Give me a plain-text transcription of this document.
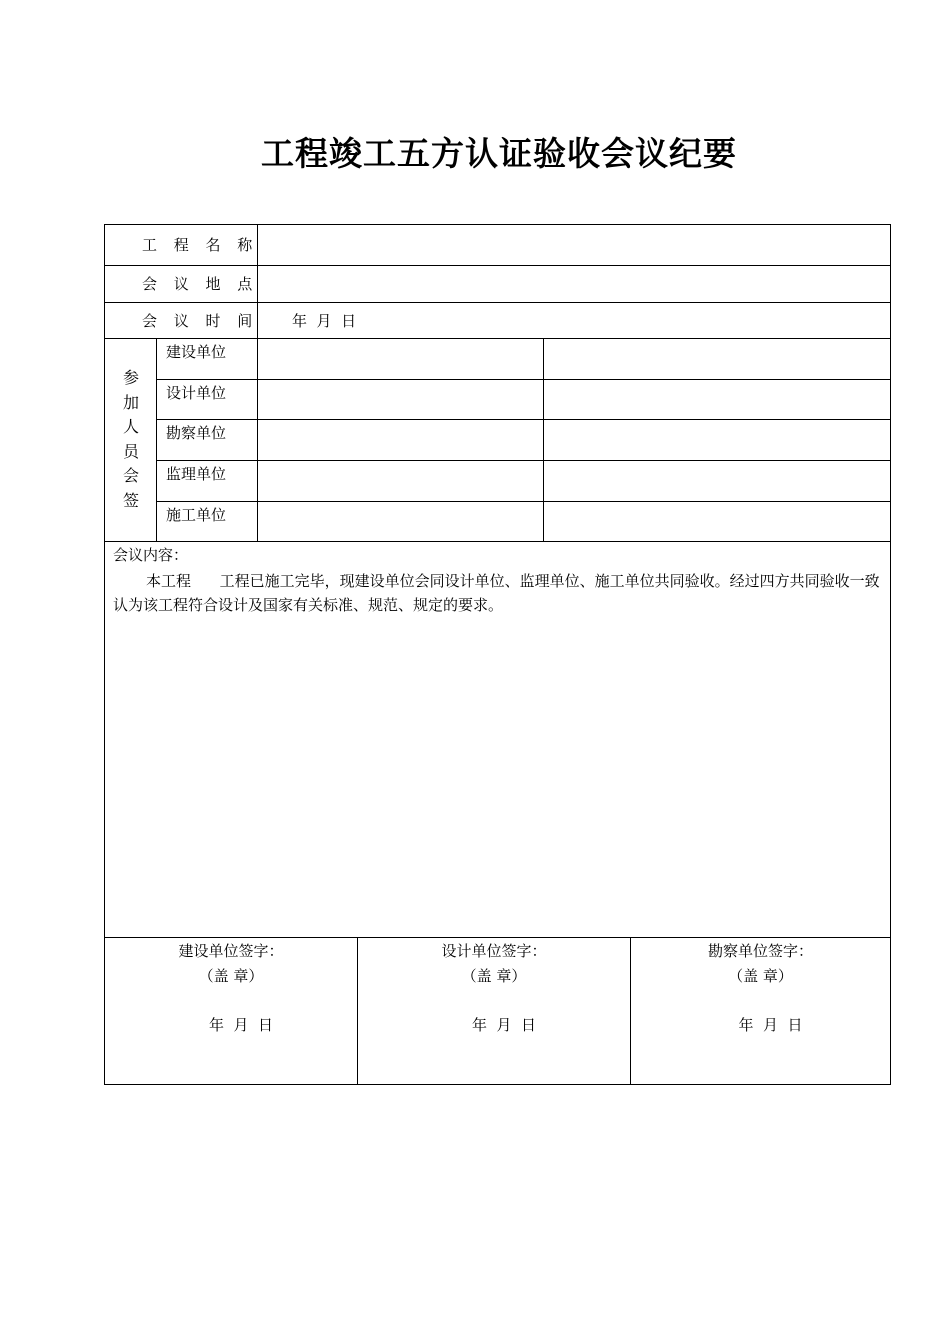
工程竣工五方认证验收会议纪要
工 程 名 称
会 议 地 点
会 议 时 间 年  月  日
参
加
人
员
会
签
建设单位
设计单位
勘察单位
监理单位
施工单位
会议内容：
本工程      工程已施工完毕，现建设单位会同设计单位、监理单位、施工单位共同验收。经过四方共同验收一致认为该工程符合设计及国家有关标准、规范、规定的要求。
建设单位签字：
（盖 章）
年  月  日
设计单位签字：
（盖 章）
年  月  日
勘察单位签字：
（盖 章）
年  月  日
